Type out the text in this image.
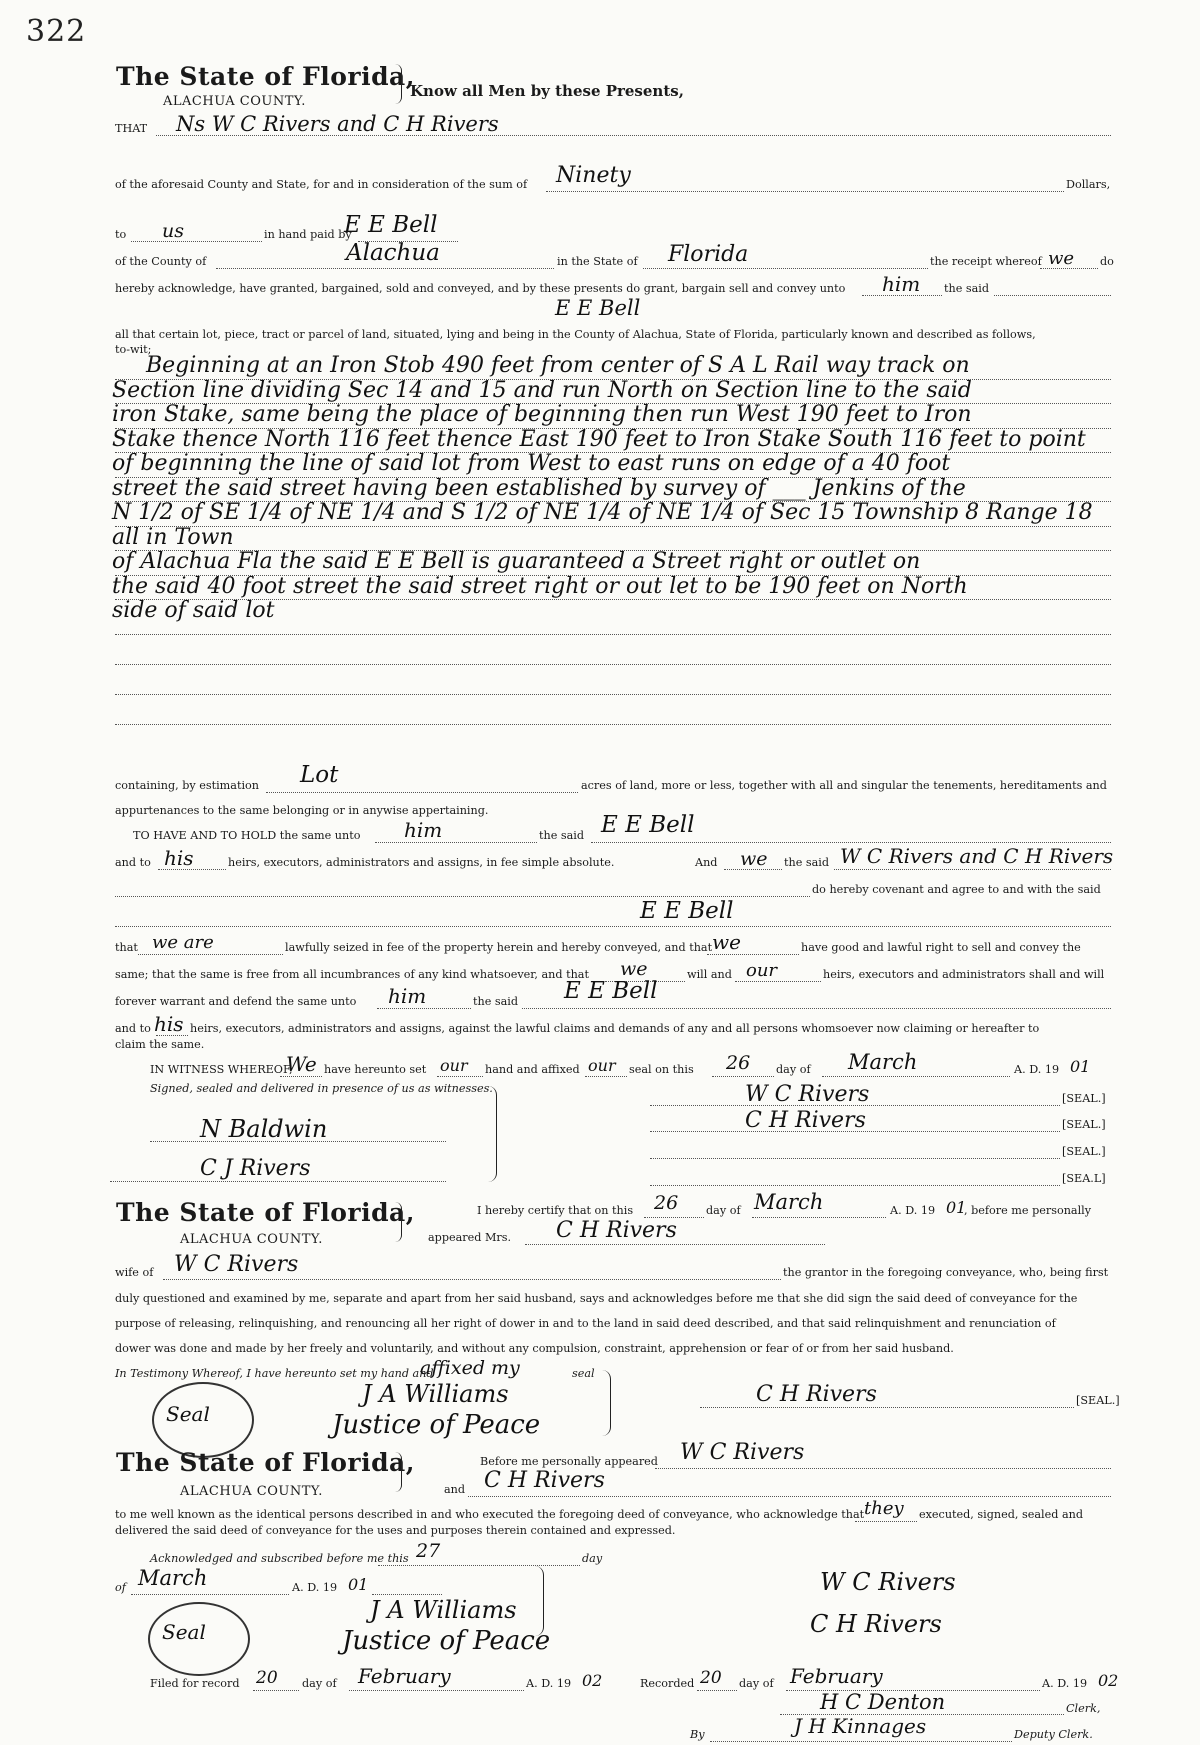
322
The State of Florida,
ALACHUA COUNTY.
Know all Men by these Presents,
THAT Ns W C Rivers and C H Rivers
of the aforesaid County and State, for and in consideration of the sum of Ninety	Dollars,
to us	in hand paid by
E E Bell
of the County of	Alachua	in the State of Florida	the receipt whereof we do
hereby acknowledge, have granted, bargained, sold and conveyed, and by these presents do grant, bargain sell and convey unto him the said
E E Bell
all that certain lot, piece, tract or parcel of land, situated, lying and being in the County of Alachua, State of Florida, particularly known and described as follows,
to-wit;
Beginning at an Iron Stob 490 feet from center of S A L Rail way track on
Section line dividing Sec 14 and 15 and run North on Section line to the said
iron Stake, same being the place of beginning then run West 190 feet to Iron
Stake thence North 116 feet thence East 190 feet to Iron Stake South 116 feet to point
of beginning the line of said lot from West to east runs on edge of a 40 foot
street the said street having been established by survey of ___ Jenkins of the
N 1/2 of SE 1/4 of NE 1/4 and S 1/2 of NE 1/4 of NE 1/4 of Sec 15 Township 8 Range 18 all in Town
of Alachua Fla the said E E Bell is guaranteed a Street right or outlet on
the said 40 foot street the said street right or out let to be 190 feet on North
side of said lot
containing, by estimation Lot	acres of land, more or less, together with all and singular the tenements, hereditaments and
appurtenances to the same belonging or in anywise appertaining.
TO HAVE AND TO HOLD the same unto him	the said E E Bell
and to his	heirs, executors, administrators and assigns, in fee simple absolute.	And we the said W C Rivers and C H Rivers
do hereby covenant and agree to and with the said
E E Bell
that we are	lawfully seized in fee of the property herein and hereby conveyed, and that we	have good and lawful right to sell and convey the
same; that the same is free from all incumbrances of any kind whatsoever, and that we	will and our	heirs, executors and administrators shall and will
forever warrant and defend the same unto him	the said E E Bell
and to his heirs, executors, administrators and assigns, against the lawful claims and demands of any and all persons whomsoever now claiming or hereafter to
claim the same.
IN WITNESS WHEREOF,
We have hereunto set our hand and affixed our seal on this 26 day of March	A. D. 19 01
Signed, sealed and delivered in presence of us as witnesses.
N Baldwin
C J Rivers
W C Rivers	[SEAL.]
C H Rivers	[SEAL.]
[SEAL.]
[SEA.L]
The State of Florida,
ALACHUA COUNTY.
I hereby certify that on this 26 day of March	A. D. 19 01
, before me personally
appeared Mrs. C H Rivers
wife of W C Rivers	the grantor in the foregoing conveyance, who, being first
duly questioned and examined by me, separate and apart from her said husband, says and acknowledges before me that she did sign the said deed of conveyance for the
purpose of releasing, relinquishing, and renouncing all her right of dower in and to the land in said deed described, and that said relinquishment and renunciation of
dower was done and made by her freely and voluntarily, and without any compulsion, constraint, apprehension or fear of or from her said husband.
In Testimony Whereof, I have hereunto set my hand and
affixed my	seal
Seal
J A Williams
Justice of Peace
C H Rivers	[SEAL.]
The State of Florida,
ALACHUA COUNTY.
Before me personally appeared W C Rivers
and C H Rivers
to me well known as the identical persons described in and who executed the foregoing deed of conveyance, who acknowledge that they executed, signed, sealed and
delivered the said deed of conveyance for the uses and purposes therein contained and expressed.
Acknowledged and subscribed before me this 27	day
of March	A. D. 19 01
Seal
J A Williams
Justice of Peace
W C Rivers
C H Rivers
Filed for record 20 day of February	A. D. 19 02	Recorded 20 day of February	A. D. 19 02
H C Denton	Clerk,
By	J H Kinnages	Deputy Clerk.
